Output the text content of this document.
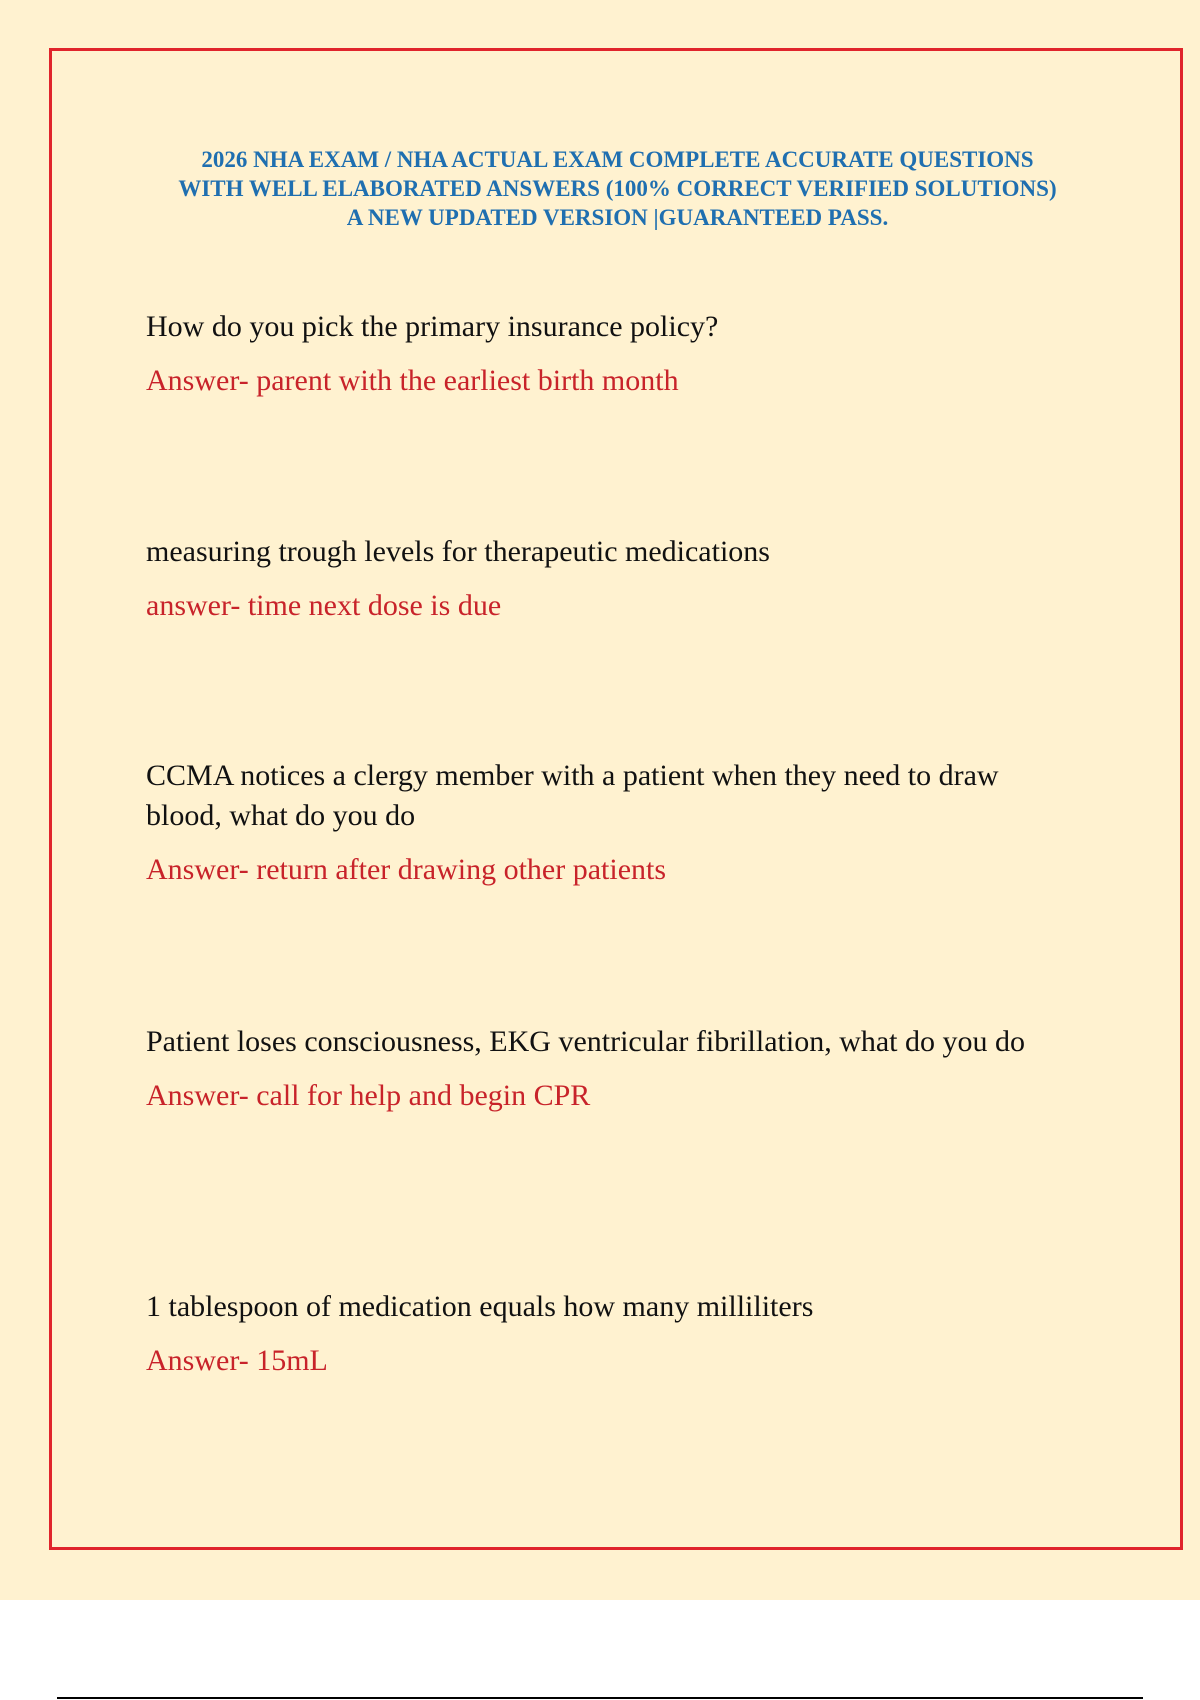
2026 NHA EXAM / NHA ACTUAL EXAM COMPLETE ACCURATE QUESTIONS
WITH WELL ELABORATED ANSWERS (100% CORRECT VERIFIED SOLUTIONS)
A NEW UPDATED VERSION |GUARANTEED PASS.

How do you pick the primary insurance policy?

Answer- parent with the earliest birth month

measuring trough levels for therapeutic medications

answer- time next dose is due

CCMA notices a clergy member with a patient when they need to draw blood, what do you do

Answer- return after drawing other patients

Patient loses consciousness, EKG ventricular fibrillation, what do you do

Answer- call for help and begin CPR

1 tablespoon of medication equals how many milliliters

Answer- 15mL
